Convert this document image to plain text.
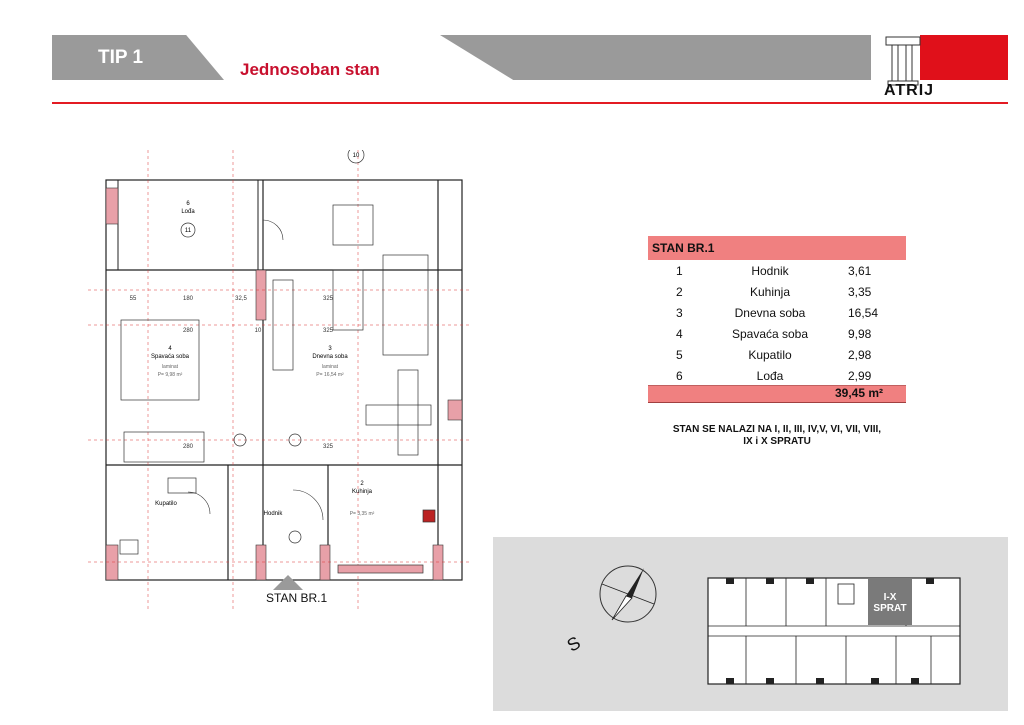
TIP 1
Jednosoban stan
ATRIJ
6
Lođa
10
11
4
Spavaća soba
laminat
P= 9,98 m²
3
Dnevna soba
laminat
P= 16,54 m²
Kupatilo
Hodnik
2
Kuhinja
P= 3,35 m²
180	325
280	325
280	325
55	32,5
10
STAN BR.1
STAN BR.1
1	Hodnik	3,61
2	Kuhinja	3,35
3	Dnevna soba	16,54
4	Spavaća soba	9,98
5	Kupatilo	2,98
6	Lođa	2,99
39,45 m²
STAN SE NALAZI NA I, II, III, IV,V, VI, VII, VIII,
IX i X SPRATU
S
I-X
SPRAT
